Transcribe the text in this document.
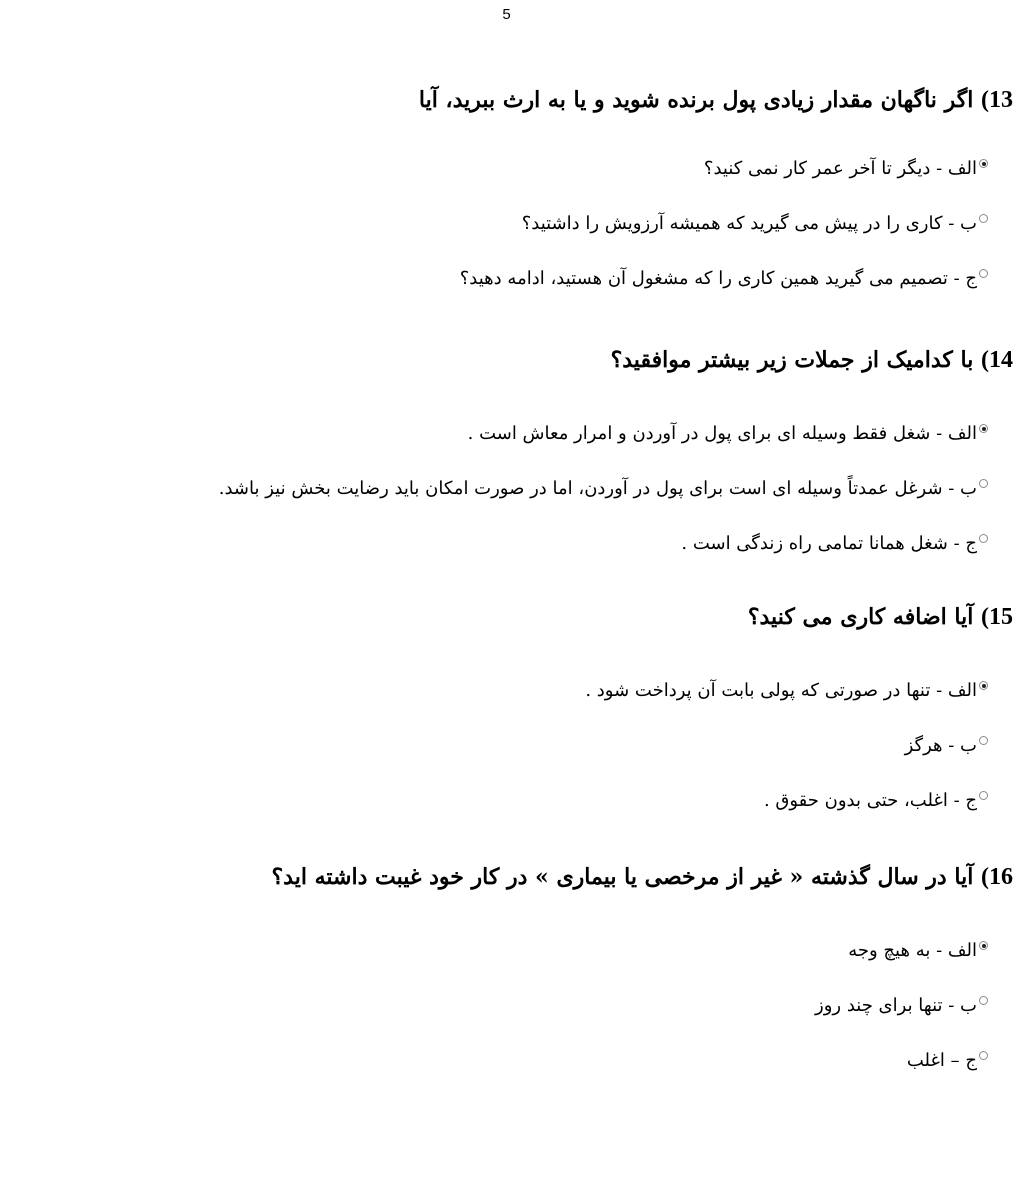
5
13) اگر ناگهان مقدار زیادی پول برنده شوید و یا به ارث ببرید، آیا
الف - دیگر تا آخر عمر کار نمی کنید؟
ب - کاری را در پیش می گیرید که همیشه آرزویش را داشتید؟
ج - تصمیم می گیرید همین کاری را که مشغول آن هستید، ادامه دهید؟
14) با کدامیک از جملات زیر بیشتر موافقید؟
الف - شغل فقط وسیله ای برای پول در آوردن و امرار معاش است .
ب - شرغل عمدتاً وسیله ای است برای پول در آوردن، اما در صورت امکان باید رضایت بخش نیز باشد.
ج - شغل همانا تمامی راه زندگی است .
15) آیا اضافه کاری می کنید؟
الف - تنها در صورتی که پولی بابت آن پرداخت شود .
ب - هرگز
ج - اغلب، حتی بدون حقوق .
16) آیا در سال گذشته « غیر از مرخصی یا بیماری » در کار خود غیبت داشته اید؟
الف - به هیچ وجه
ب - تنها برای چند روز
ج – اغلب
